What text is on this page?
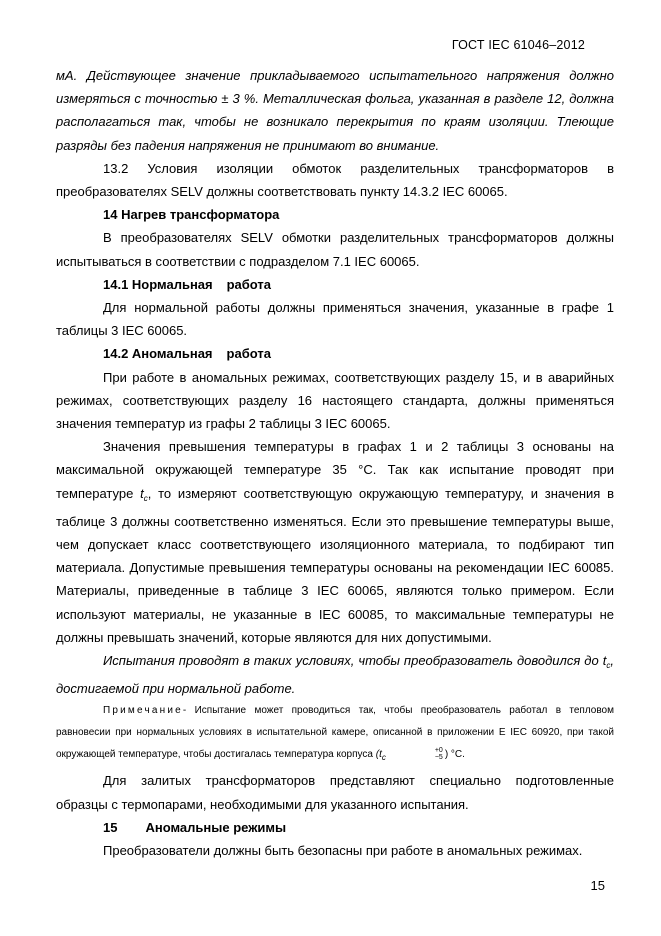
ГОСТ IEC 61046–2012

мА. Действующее значение прикладываемого испытательного напряжения должно измеряться с точностью ± 3 %. Металлическая фольга, указанная в разделе 12, должна располагаться так, чтобы не возникало перекрытия по краям изоляции. Тлеющие разряды без падения напряжения не принимают во внимание.

13.2 Условия изоляции обмоток разделительных трансформаторов в преобразователях SELV должны соответствовать пункту 14.3.2 IEC 60065.

14 Нагрев трансформатора

В преобразователях SELV обмотки разделительных трансформаторов должны испытываться в соответствии с подразделом 7.1 IEC 60065.

14.1 Нормальная работа

Для нормальной работы должны применяться значения, указанные в графе 1 таблицы 3 IEC 60065.

14.2 Аномальная работа

При работе в аномальных режимах, соответствующих разделу 15, и в аварийных режимах, соответствующих разделу 16 настоящего стандарта, должны применяться значения температур из графы 2 таблицы 3 IEC 60065.

Значения превышения температуры в графах 1 и 2 таблицы 3 основаны на максимальной окружающей температуре 35 °С. Так как испытание проводят при температуре $t_c$, то измеряют соответствующую окружающую температуру, и значения в таблице 3 должны соответственно изменяться. Если это превышение температуры выше, чем допускает класс соответствующего изоляционного материала, то подбирают тип материала. Допустимые превышения температуры основаны на рекомендации IEC 60085. Материалы, приведенные в таблице 3 IEC 60065, являются только примером. Если используют материалы, не указанные в IEC 60085, то максимальные температуры не должны превышать значений, которые являются для них допустимыми.

Испытания проводят в таких условиях, чтобы преобразователь доводился до $t_c$, достигаемой при нормальной работе.

Примечание- Испытание может проводиться так, чтобы преобразователь работал в тепловом равновесии при нормальных условиях в испытательной камере, описанной в приложении Е IEC 60920, при такой окружающей температуре, чтобы достигалась температура корпуса ($t_c$
+0
−5 ) °С.

Для залитых трансформаторов представляют специально подготовленные образцы с термопарами, необходимыми для указанного испытания.

15 Аномальные режимы

Преобразователи должны быть безопасны при работе в аномальных режимах.

15
